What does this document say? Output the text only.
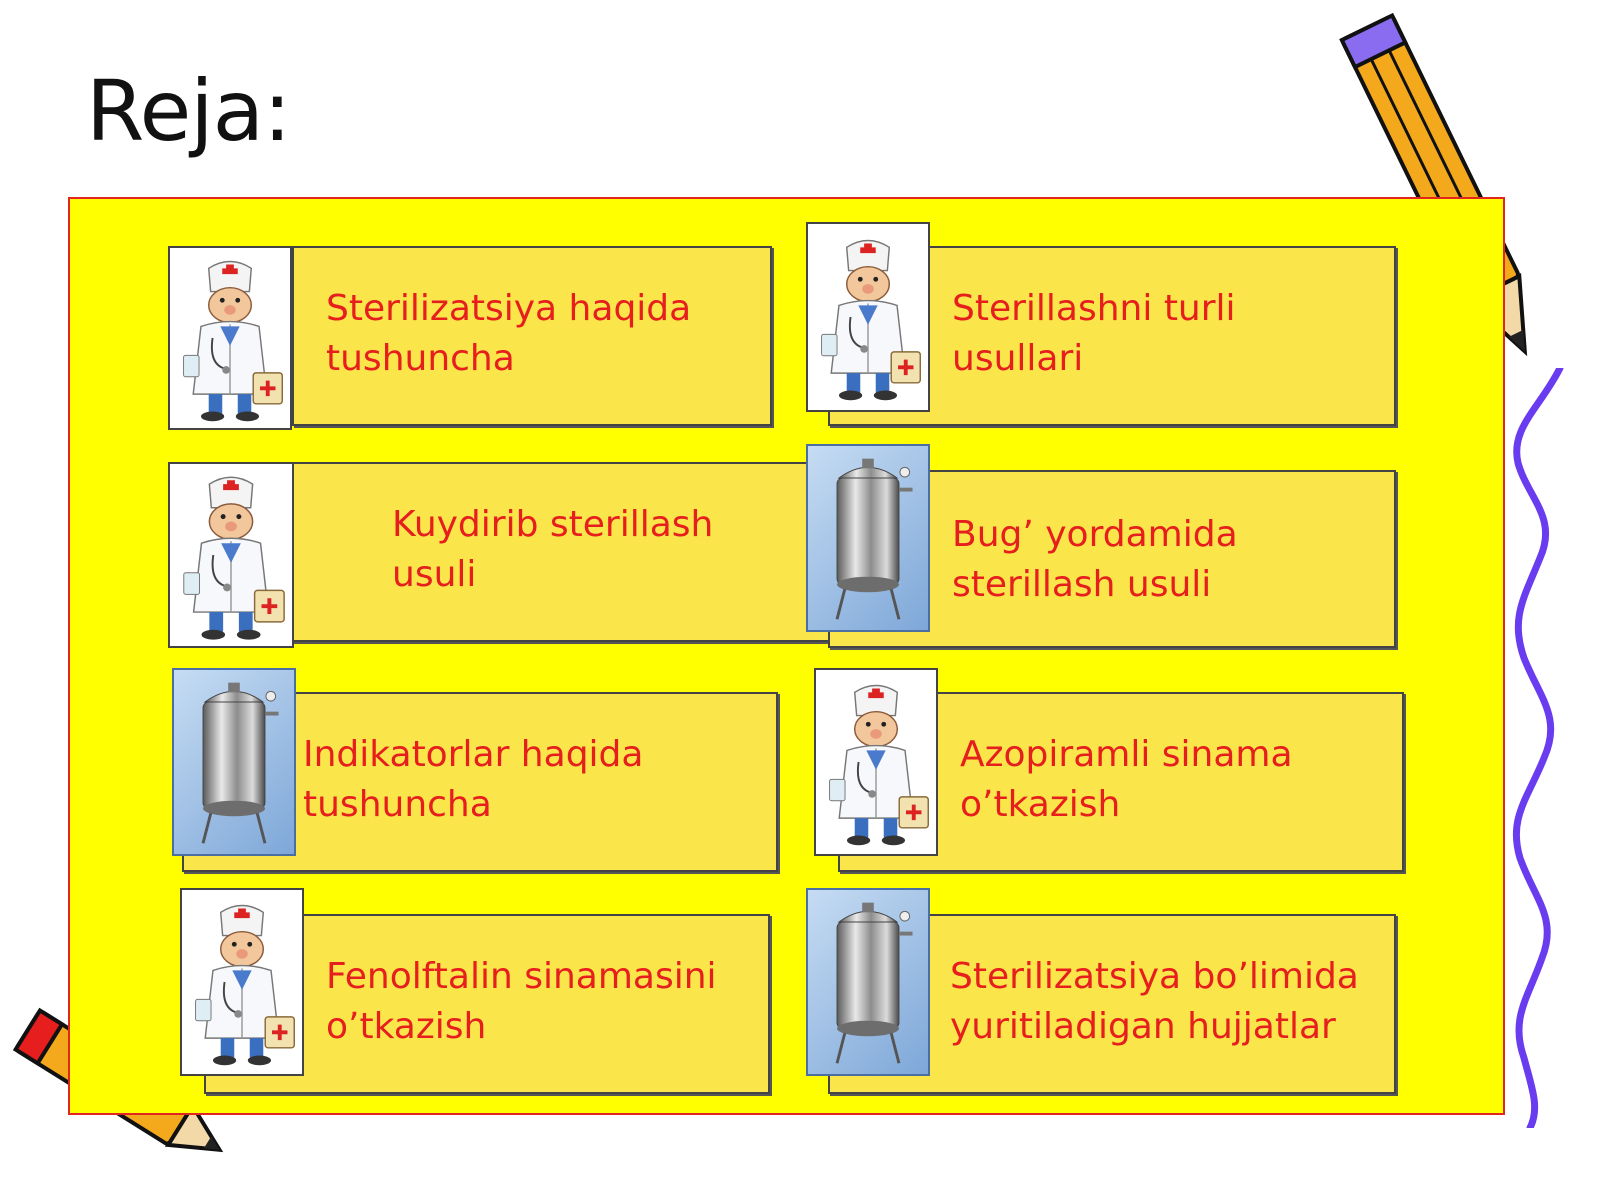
Reja:
Sterilizatsiya haqida
tushuncha
Sterillashni turli
usullari
Kuydirib sterillash
usuli
Bug’ yordamida
sterillash usuli
Indikatorlar haqida
tushuncha
Azopiramli sinama
o’tkazish
Fenolftalin sinamasini
o’tkazish
Sterilizatsiya bo’limida
yuritiladigan hujjatlar
